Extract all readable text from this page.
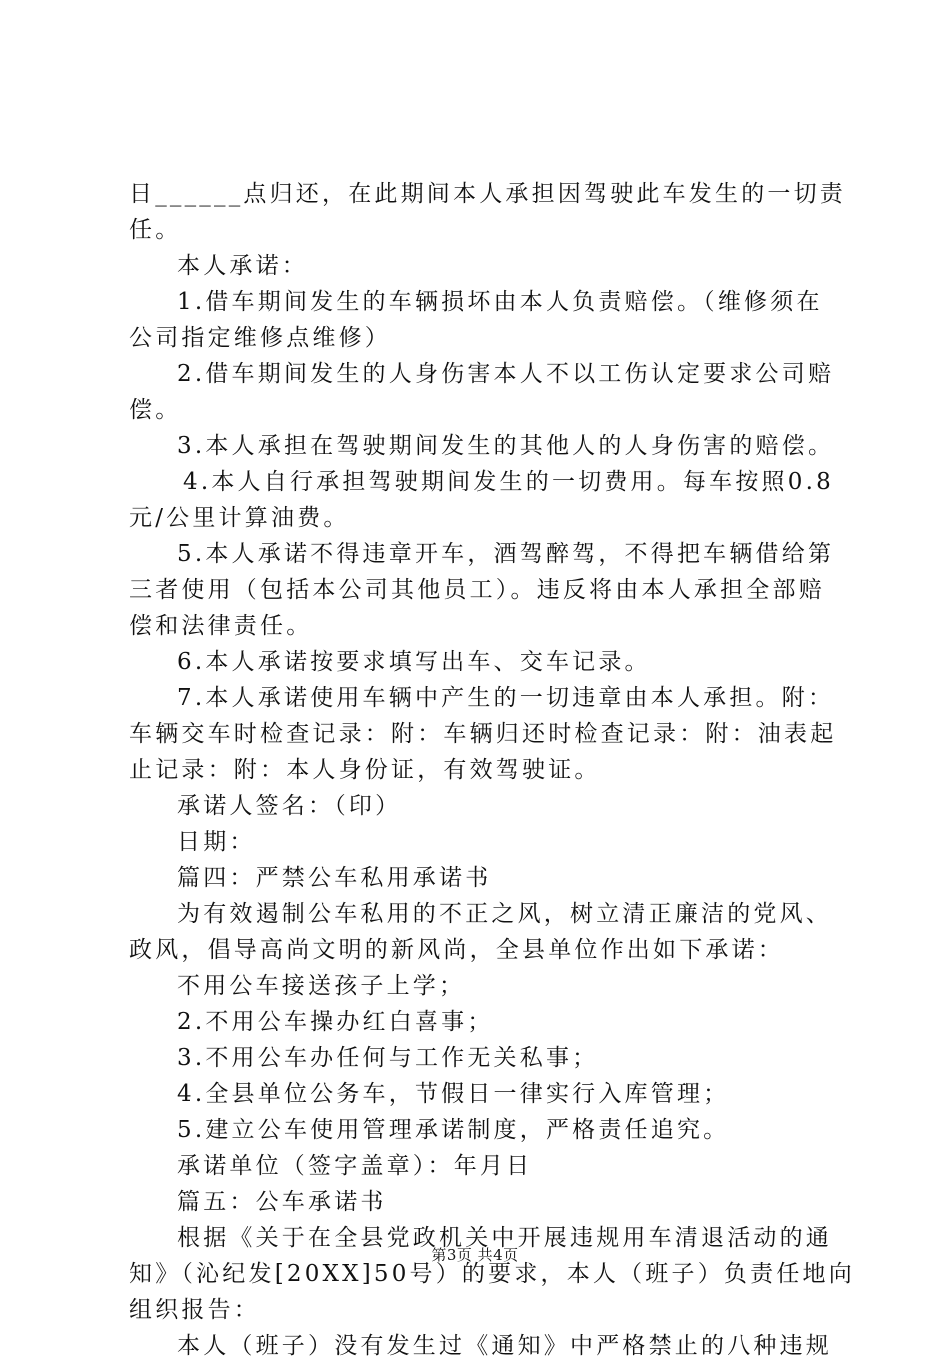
日______点归还，在此期间本人承担因驾驶此车发生的一切责
任。
本人承诺：
1.借车期间发生的车辆损坏由本人负责赔偿。（维修须在
公司指定维修点维修）
2.借车期间发生的人身伤害本人不以工伤认定要求公司赔
偿。
3.本人承担在驾驶期间发生的其他人的人身伤害的赔偿。
4.本人自行承担驾驶期间发生的一切费用。每车按照0.8
元/公里计算油费。
5.本人承诺不得违章开车，酒驾醉驾，不得把车辆借给第
三者使用（包括本公司其他员工）。违反将由本人承担全部赔
偿和法律责任。
6.本人承诺按要求填写出车、交车记录。
7.本人承诺使用车辆中产生的一切违章由本人承担。附：
车辆交车时检查记录：附：车辆归还时检查记录：附：油表起
止记录：附：本人身份证，有效驾驶证。
承诺人签名：（印）
日期：
篇四：严禁公车私用承诺书
为有效遏制公车私用的不正之风，树立清正廉洁的党风、
政风，倡导高尚文明的新风尚，全县单位作出如下承诺：
不用公车接送孩子上学；
2.不用公车操办红白喜事；
3.不用公车办任何与工作无关私事；
4.全县单位公务车，节假日一律实行入库管理；
5.建立公车使用管理承诺制度，严格责任追究。
承诺单位（签字盖章）：年月日
篇五：公车承诺书
根据《关于在全县党政机关中开展违规用车清退活动的通
知》（沁纪发[20XX]50号）的要求，本人（班子）负责任地向
组织报告：
本人（班子）没有发生过《通知》中严格禁止的八种违规
第3页 共4页
